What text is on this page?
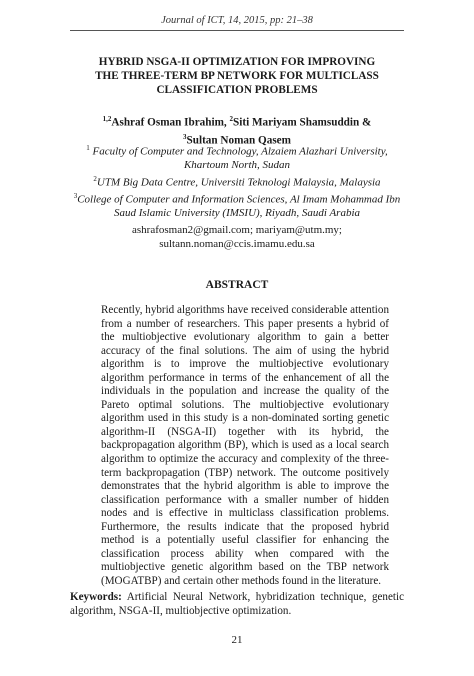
Journal of ICT, 14, 2015, pp: 21–38
HYBRID NSGA-II OPTIMIZATION FOR IMPROVING
THE THREE-TERM BP NETWORK FOR MULTICLASS
CLASSIFICATION PROBLEMS
$^{1,2}$Ashraf Osman Ibrahim, $^2$Siti Mariyam Shamsuddin &
$^3$Sultan Noman Qasem
$^1$ Faculty of Computer and Technology, Alzaiem Alazhari University,
Khartoum North, Sudan
$^2$UTM Big Data Centre, Universiti Teknologi Malaysia, Malaysia
$^3$College of Computer and Information Sciences, Al Imam Mohammad Ibn
Saud Islamic University (IMSIU), Riyadh, Saudi Arabia
ashrafosman2@gmail.com; mariyam@utm.my;
sultann.noman@ccis.imamu.edu.sa
ABSTRACT
Recently, hybrid algorithms have received considerable attention from a number of researchers. This paper presents a hybrid of the multiobjective evolutionary algorithm to gain a better accuracy of the final solutions. The aim of using the hybrid algorithm is to improve the multiobjective evolutionary algorithm performance in terms of the enhancement of all the individuals in the population and increase the quality of the Pareto optimal solutions. The multiobjective evolutionary algorithm used in this study is a non-dominated sorting genetic algorithm-II (NSGA-II) together with its hybrid, the backpropagation algorithm (BP), which is used as a local search algorithm to optimize the accuracy and complexity of the three-term backpropagation (TBP) network. The outcome positively demonstrates that the hybrid algorithm is able to improve the classification performance with a smaller number of hidden nodes and is effective in multiclass classification problems. Furthermore, the results indicate that the proposed hybrid method is a potentially useful classifier for enhancing the classification process ability when compared with the multiobjective genetic algorithm based on the TBP network (MOGATBP) and certain other methods found in the literature.
Keywords: Artificial Neural Network, hybridization technique, genetic algorithm, NSGA-II, multiobjective optimization.
21
